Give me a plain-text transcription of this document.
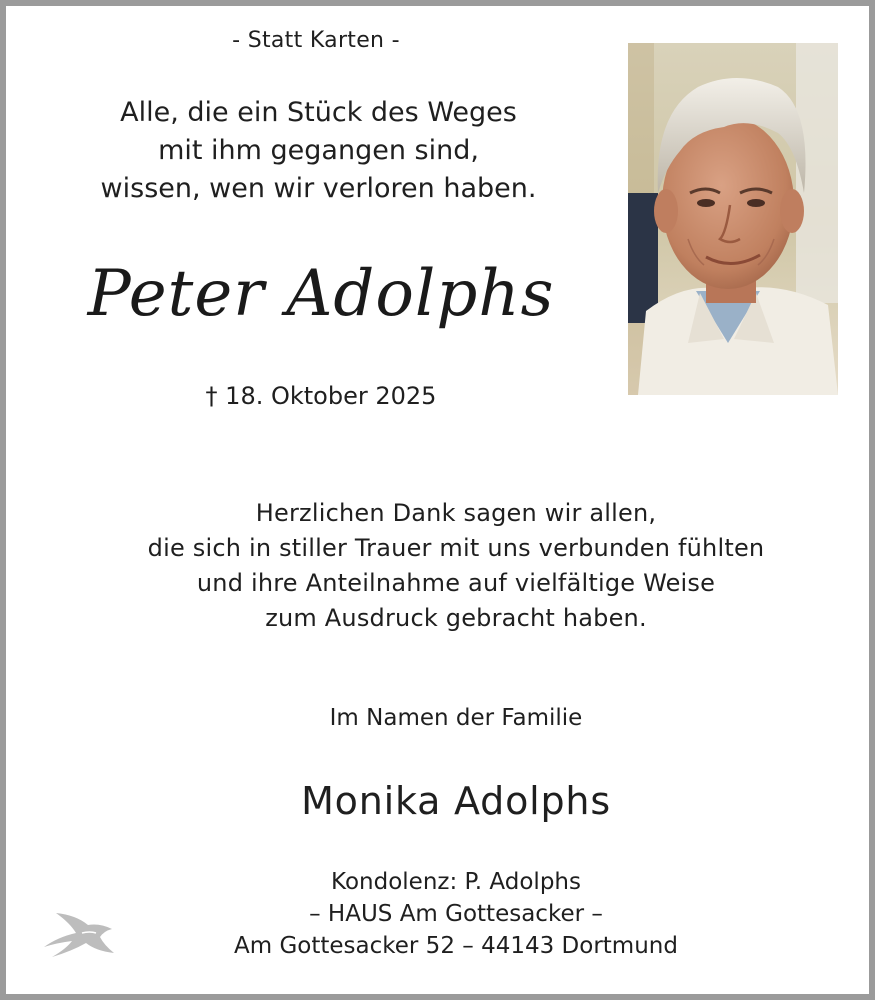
- Statt Karten -

Alle, die ein Stück des Weges
mit ihm gegangen sind,
wissen, wen wir verloren haben.

Peter Adolphs

† 18. Oktober 2025

Herzlichen Dank sagen wir allen,
die sich in stiller Trauer mit uns verbunden fühlten
und ihre Anteilnahme auf vielfältige Weise
zum Ausdruck gebracht haben.

Im Namen der Familie

Monika Adolphs

Kondolenz: P. Adolphs
– HAUS Am Gottesacker –
Am Gottesacker 52 – 44143 Dortmund
